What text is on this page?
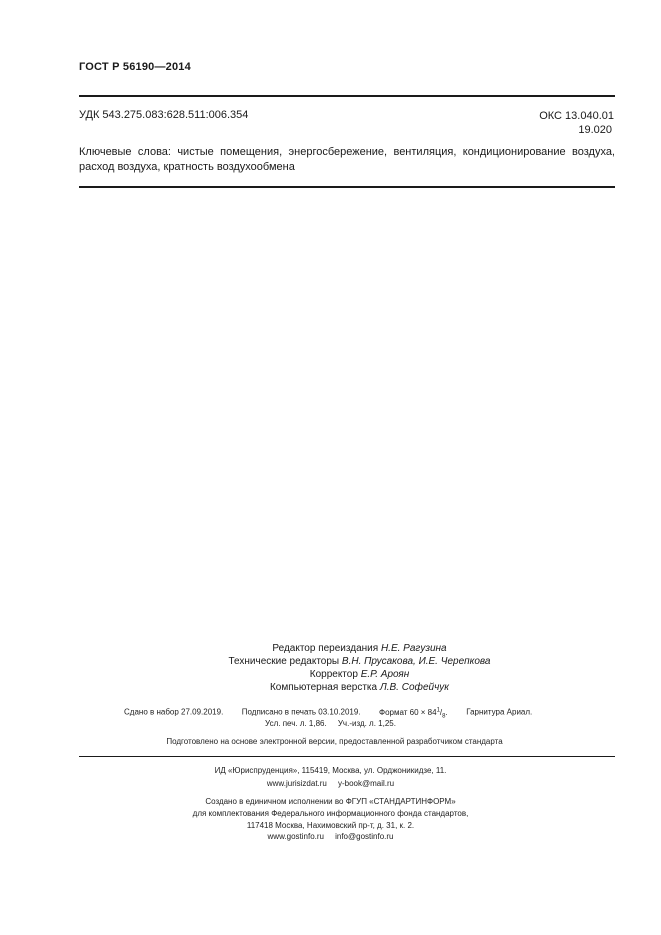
ГОСТ Р 56190—2014
УДК 543.275.083:628.511:006.354	ОКС 13.040.01
19.020
Ключевые слова: чистые помещения, энергосбережение, вентиляция, кондиционирование воздуха, расход воздуха, кратность воздухообмена
Редактор переиздания Н.Е. Рагузина
Технические редакторы В.Н. Прусакова, И.Е. Черепкова
Корректор Е.Р. Ароян
Компьютерная верстка Л.В. Софейчук
Сдано в набор 27.09.2019. Подписано в печать 03.10.2019. Формат $60 \times 84^1/_8$. Гарнитура Ариал.
Усл. печ. л. 1,86.     Уч.-изд. л. 1,25.
Подготовлено на основе электронной версии, предоставленной разработчиком стандарта
ИД «Юриспруденция», 115419, Москва, ул. Орджоникидзе, 11.
www.jurisizdat.ru     y-book@mail.ru
Создано в единичном исполнении во ФГУП «СТАНДАРТИНФОРМ»
для комплектования Федерального информационного фонда стандартов,
117418 Москва, Нахимовский пр-т, д. 31, к. 2.
www.gostinfo.ru     info@gostinfo.ru
